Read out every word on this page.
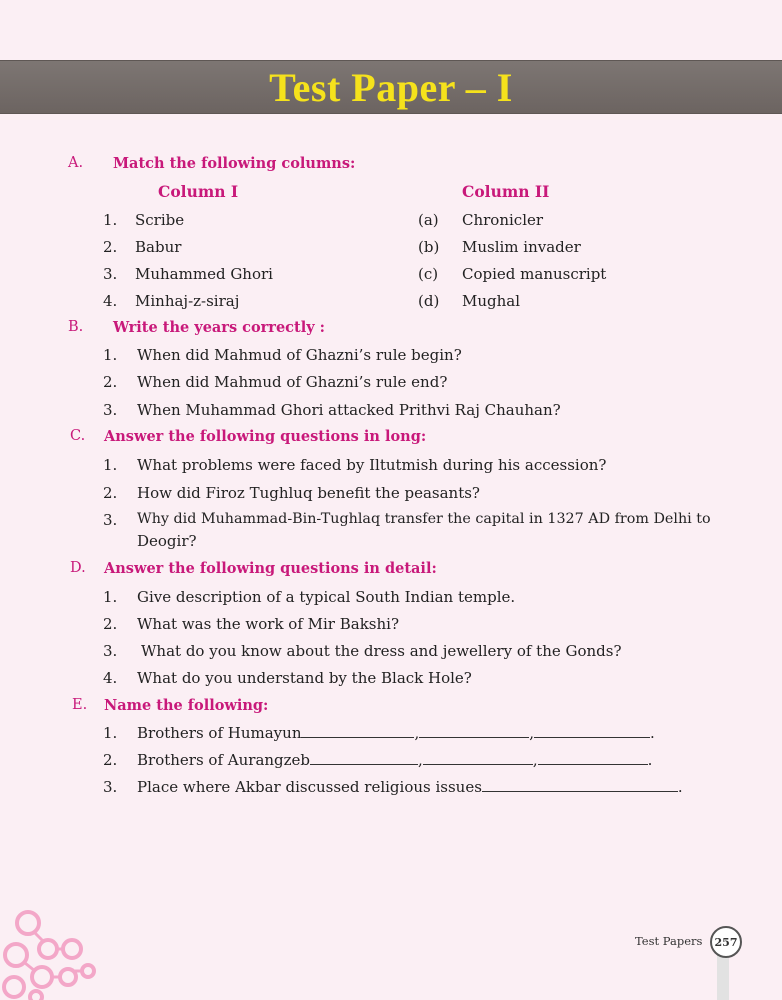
Test Paper – I
A. Match the following columns:
Column I	Column II
1. Scribe	(a) Chronicler
2. Babur	(b) Muslim invader
3. Muhammed Ghori	(c) Copied manuscript
4. Minhaj-z-siraj	(d) Mughal
B. Write the years correctly :
1. When did Mahmud of Ghazni’s rule begin?
2. When did Mahmud of Ghazni’s rule end?
3. When Muhammad Ghori attacked Prithvi Raj Chauhan?
C. Answer the following questions in long:
1. What problems were faced by Iltutmish during his accession?
2. How did Firoz Tughluq benefit the peasants?
3. Why did Muhammad-Bin-Tughlaq transfer the capital in 1327 AD from Delhi to
Deogir?
D. Answer the following questions in detail:
1. Give description of a typical South Indian temple.
2. What was the work of Mir Bakshi?
3. What do you know about the dress and jewellery of the Gonds?
4. What do you understand by the Black Hole?
E. Name the following:
1. Brothers of Humayun	,	,	.
2. Brothers of Aurangzeb	,	,	.
3. Place where Akbar discussed religious issues	.
Test Papers 257
